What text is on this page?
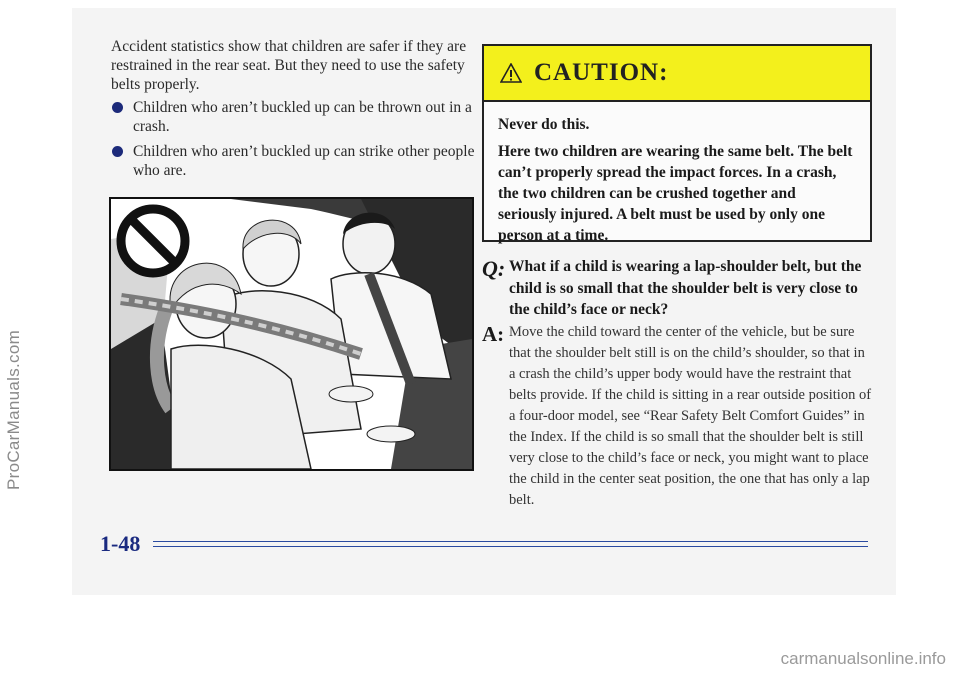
ProCarManuals.com

Accident statistics show that children are safer if they are restrained in the rear seat. But they need to use the safety belts properly.

Children who aren’t buckled up can be thrown out in a crash.
Children who aren’t buckled up can strike other people who are.
CAUTION:

Never do this.

Here two children are wearing the same belt. The belt can’t properly spread the impact forces. In a crash, the two children can be crushed together and seriously injured. A belt must be used by only one person at a time.

Q: What if a child is wearing a lap-shoulder belt, but the child is so small that the shoulder belt is very close to the child’s face or neck?
A: Move the child toward the center of the vehicle, but be sure that the shoulder belt still is on the child’s shoulder, so that in a crash the child’s upper body would have the restraint that belts provide. If the child is sitting in a rear outside position of a four-door model, see “Rear Safety Belt Comfort Guides” in the Index. If the child is so small that the shoulder belt is still very close to the child’s face or neck, you might want to place the child in the center seat position, the one that has only a lap belt.
1-48
carmanualsonline.info
